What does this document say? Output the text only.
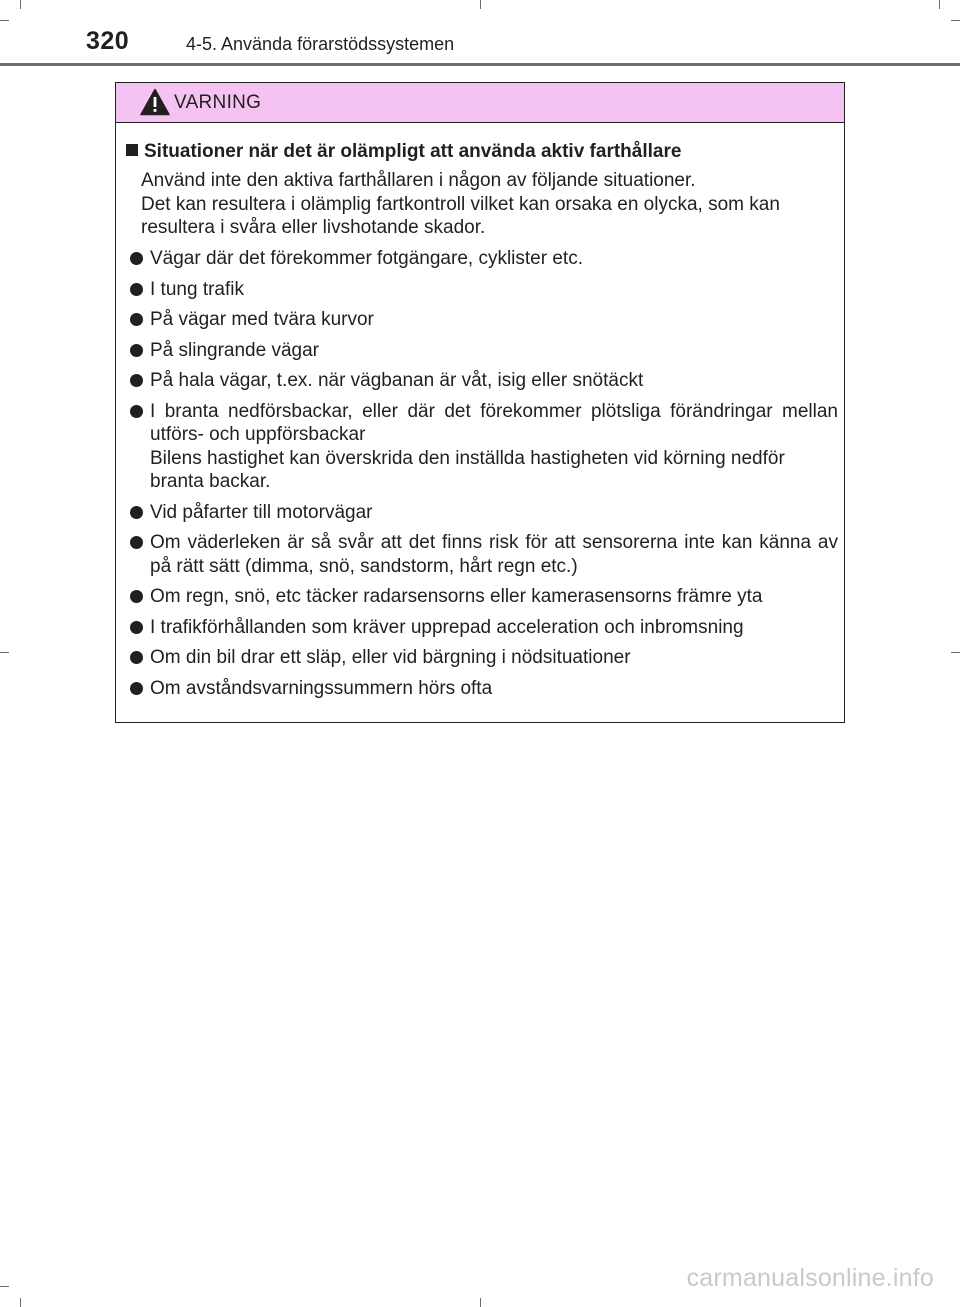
320	4-5. Använda förarstödssystemen
VARNING
Situationer när det är olämpligt att använda aktiv farthållare

Använd inte den aktiva farthållaren i någon av följande situationer.

Det kan resultera i olämplig fartkontroll vilket kan orsaka en olycka, som kan resultera i svåra eller livshotande skador.

Vägar där det förekommer fotgängare, cyklister etc.
I tung trafik
På vägar med tvära kurvor
På slingrande vägar
På hala vägar, t.ex. när vägbanan är våt, isig eller snötäckt
I branta nedförsbackar, eller där det förekommer plötsliga förändringar mellan utförs- och uppförsbackar
Bilens hastighet kan överskrida den inställda hastigheten vid körning nedför branta backar.
Vid påfarter till motorvägar
Om väderleken är så svår att det finns risk för att sensorerna inte kan känna av på rätt sätt (dimma, snö, sandstorm, hårt regn etc.)
Om regn, snö, etc täcker radarsensorns eller kamerasensorns främre yta
I trafikförhållanden som kräver upprepad acceleration och inbromsning
Om din bil drar ett släp, eller vid bärgning i nödsituationer
Om avståndsvarningssummern hörs ofta
carmanualsonline.info
